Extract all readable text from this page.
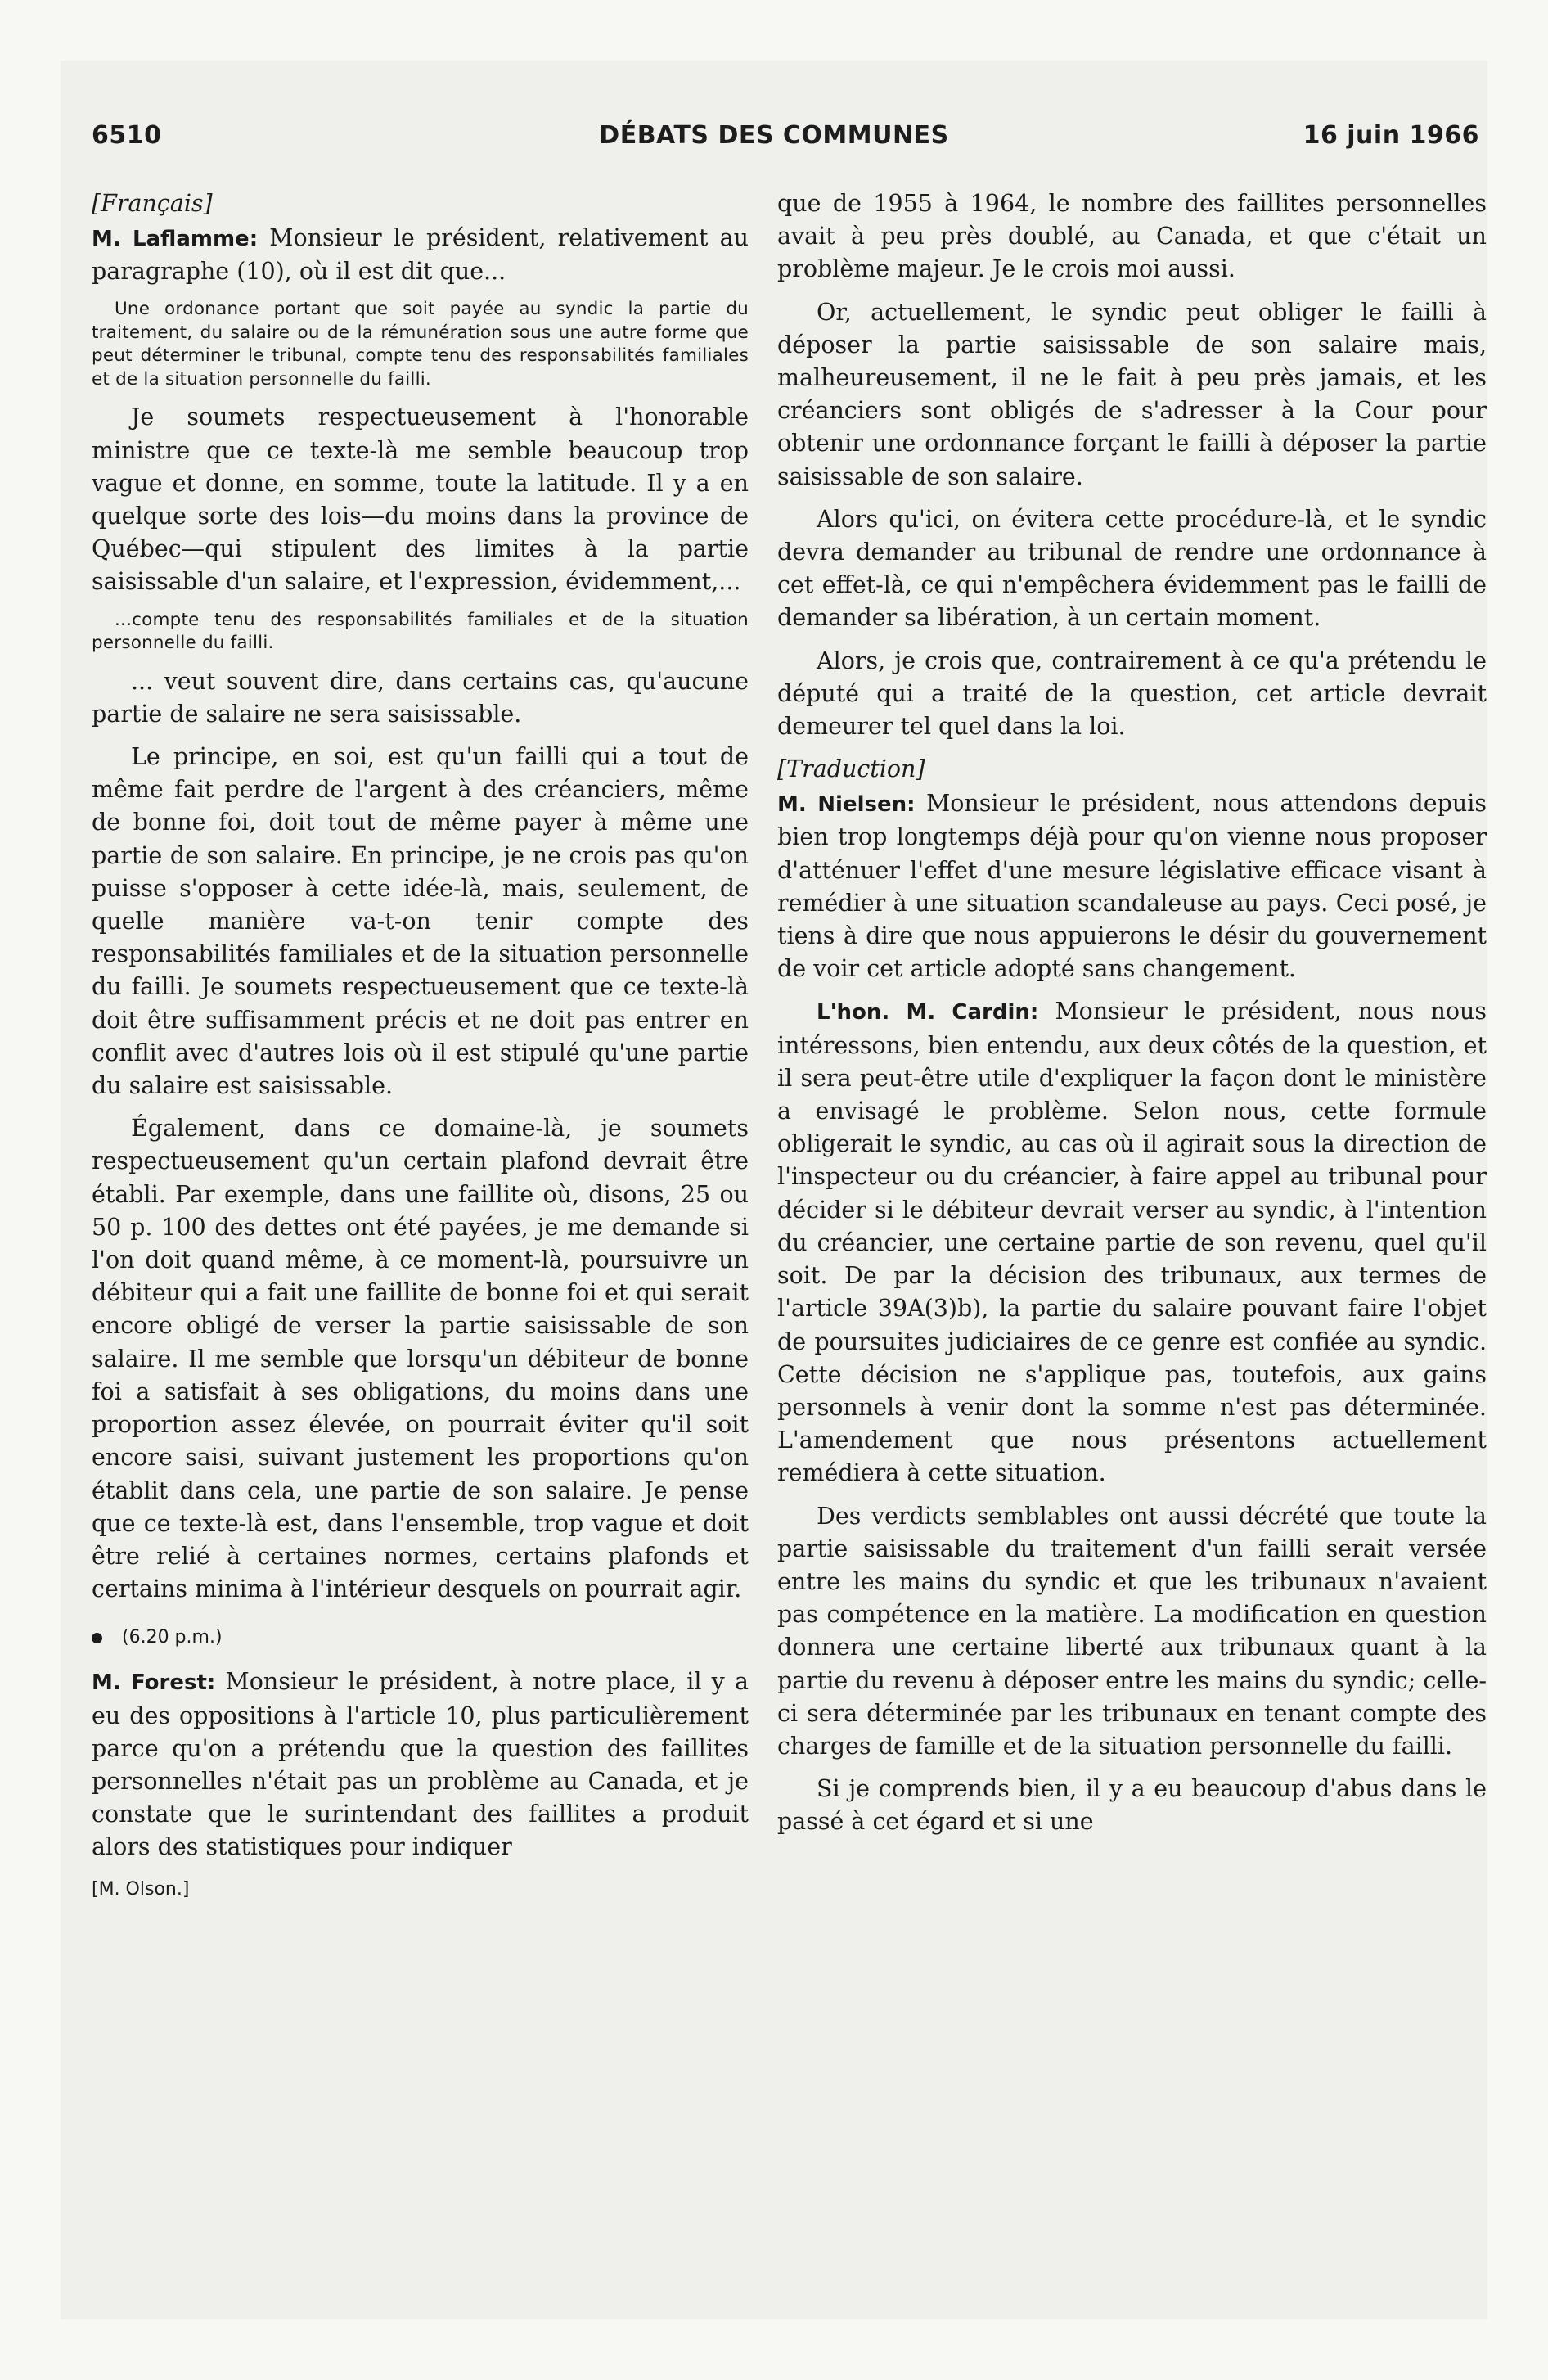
6510	DÉBATS DES COMMUNES	16 juin 1966
[Français]

M. Laflamme: Monsieur le président, relativement au paragraphe (10), où il est dit que...

Une ordonance portant que soit payée au syndic la partie du traitement, du salaire ou de la rémunération sous une autre forme que peut déterminer le tribunal, compte tenu des responsabilités familiales et de la situation personnelle du failli.

Je soumets respectueusement à l'honorable ministre que ce texte-là me semble beaucoup trop vague et donne, en somme, toute la latitude. Il y a en quelque sorte des lois—du moins dans la province de Québec—qui stipulent des limites à la partie saisissable d'un salaire, et l'expression, évidemment,...

...compte tenu des responsabilités familiales et de la situation personnelle du failli.

... veut souvent dire, dans certains cas, qu'aucune partie de salaire ne sera saisissable.

Le principe, en soi, est qu'un failli qui a tout de même fait perdre de l'argent à des créanciers, même de bonne foi, doit tout de même payer à même une partie de son salaire. En principe, je ne crois pas qu'on puisse s'opposer à cette idée-là, mais, seulement, de quelle manière va-t-on tenir compte des responsabilités familiales et de la situation personnelle du failli. Je soumets respectueusement que ce texte-là doit être suffisamment précis et ne doit pas entrer en conflit avec d'autres lois où il est stipulé qu'une partie du salaire est saisissable.

Également, dans ce domaine-là, je soumets respectueusement qu'un certain plafond devrait être établi. Par exemple, dans une faillite où, disons, 25 ou 50 p. 100 des dettes ont été payées, je me demande si l'on doit quand même, à ce moment-là, poursuivre un débiteur qui a fait une faillite de bonne foi et qui serait encore obligé de verser la partie saisissable de son salaire. Il me semble que lorsqu'un débiteur de bonne foi a satisfait à ses obligations, du moins dans une proportion assez élevée, on pourrait éviter qu'il soit encore saisi, suivant justement les proportions qu'on établit dans cela, une partie de son salaire. Je pense que ce texte-là est, dans l'ensemble, trop vague et doit être relié à certaines normes, certains plafonds et certains minima à l'intérieur desquels on pourrait agir.

(6.20 p.m.)

M. Forest: Monsieur le président, à notre place, il y a eu des oppositions à l'article 10, plus particulièrement parce qu'on a prétendu que la question des faillites personnelles n'était pas un problème au Canada, et je constate que le surintendant des faillites a produit alors des statistiques pour indiquer

[M. Olson.]

que de 1955 à 1964, le nombre des faillites personnelles avait à peu près doublé, au Canada, et que c'était un problème majeur. Je le crois moi aussi.

Or, actuellement, le syndic peut obliger le failli à déposer la partie saisissable de son salaire mais, malheureusement, il ne le fait à peu près jamais, et les créanciers sont obligés de s'adresser à la Cour pour obtenir une ordonnance forçant le failli à déposer la partie saisissable de son salaire.

Alors qu'ici, on évitera cette procédure-là, et le syndic devra demander au tribunal de rendre une ordonnance à cet effet-là, ce qui n'empêchera évidemment pas le failli de demander sa libération, à un certain moment.

Alors, je crois que, contrairement à ce qu'a prétendu le député qui a traité de la question, cet article devrait demeurer tel quel dans la loi.

[Traduction]

M. Nielsen: Monsieur le président, nous attendons depuis bien trop longtemps déjà pour qu'on vienne nous proposer d'atténuer l'effet d'une mesure législative efficace visant à remédier à une situation scandaleuse au pays. Ceci posé, je tiens à dire que nous appuierons le désir du gouvernement de voir cet article adopté sans changement.

L'hon. M. Cardin: Monsieur le président, nous nous intéressons, bien entendu, aux deux côtés de la question, et il sera peut-être utile d'expliquer la façon dont le ministère a envisagé le problème. Selon nous, cette formule obligerait le syndic, au cas où il agirait sous la direction de l'inspecteur ou du créancier, à faire appel au tribunal pour décider si le débiteur devrait verser au syndic, à l'intention du créancier, une certaine partie de son revenu, quel qu'il soit. De par la décision des tribunaux, aux termes de l'article 39A(3)b), la partie du salaire pouvant faire l'objet de poursuites judiciaires de ce genre est confiée au syndic. Cette décision ne s'applique pas, toutefois, aux gains personnels à venir dont la somme n'est pas déterminée. L'amendement que nous présentons actuellement remédiera à cette situation.

Des verdicts semblables ont aussi décrété que toute la partie saisissable du traitement d'un failli serait versée entre les mains du syndic et que les tribunaux n'avaient pas compétence en la matière. La modification en question donnera une certaine liberté aux tribunaux quant à la partie du revenu à déposer entre les mains du syndic; celle-ci sera déterminée par les tribunaux en tenant compte des charges de famille et de la situation personnelle du failli.

Si je comprends bien, il y a eu beaucoup d'abus dans le passé à cet égard et si une
